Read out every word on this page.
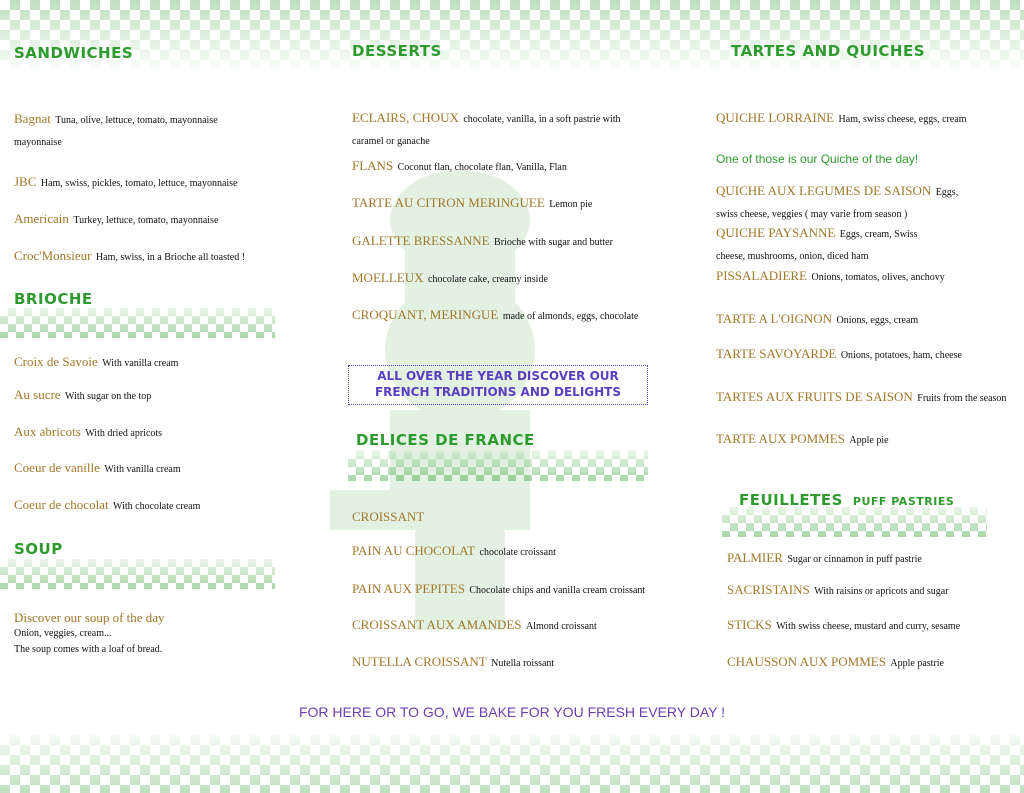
SANDWICHES
Bagnat Tuna, olive, lettuce, tomato, mayonnaise mayonnaise
JBC Ham, swiss, pickles, tomato, lettuce, mayonnaise
Americain Turkey, lettuce, tomato, mayonnaise
Croc'Monsieur Ham, swiss, in a Brioche all toasted !
BRIOCHE
Croix de Savoie With vanilla cream
Au sucre With sugar on the top
Aux abricots With dried apricots
Coeur de vanille With vanilla cream
Coeur de chocolat With chocolate cream
SOUP
Discover our soup of the day
Onion, veggies, cream...
The soup comes with a loaf of bread.
DESSERTS
ECLAIRS, CHOUX chocolate, vanilla, in a soft pastrie with caramel or ganache
FLANS Coconut flan, chocolate flan, Vanilla, Flan
TARTE AU CITRON MERINGUEE Lemon pie
GALETTE BRESSANNE Brioche with sugar and butter
MOELLEUX chocolate cake, creamy inside
CROQUANT, MERINGUE made of almonds, eggs, chocolate
ALL OVER THE YEAR DISCOVER OUR
FRENCH TRADITIONS AND DELIGHTS
DELICES DE FRANCE
CROISSANT
PAIN AU CHOCOLAT chocolate croissant
PAIN AUX PEPITES Chocolate chips and vanilla cream croissant
CROISSANT AUX AMANDES Almond croissant
NUTELLA CROISSANT Nutella roissant
TARTES AND QUICHES
QUICHE LORRAINE Ham, swiss cheese, eggs, cream
One of those is our Quiche of the day!
QUICHE AUX LEGUMES DE SAISON Eggs, swiss cheese, veggies ( may varie from season )
QUICHE PAYSANNE Eggs, cream, Swiss cheese, mushrooms, onion, diced ham
PISSALADIERE Onions, tomatos, olives, anchovy
TARTE A L'OIGNON Onions, eggs, cream
TARTE SAVOYARDE Onions, potatoes, ham, cheese
TARTES AUX FRUITS DE SAISON Fruits from the season
TARTE AUX POMMES Apple pie
FEUILLETES PUFF PASTRIES
PALMIER Sugar or cinnamon in puff pastrie
SACRISTAINS With raisins or apricots and sugar
STICKS With swiss cheese, mustard and curry, sesame
CHAUSSON AUX POMMES Apple pastrie
FOR HERE OR TO GO, WE BAKE FOR YOU FRESH EVERY DAY !
